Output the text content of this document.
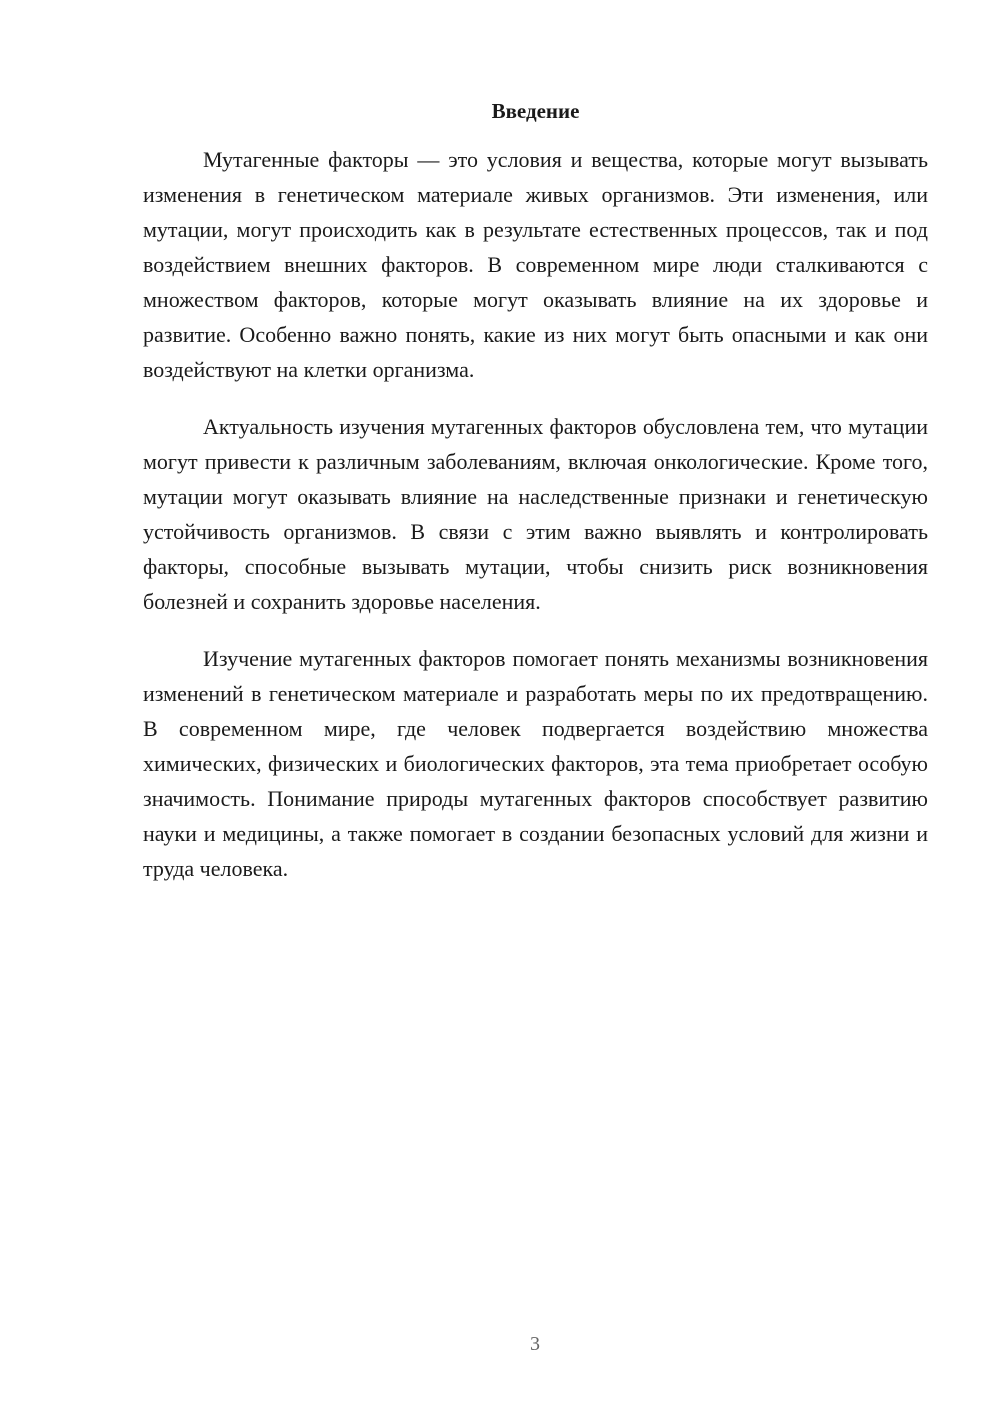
Введение

Мутагенные факторы — это условия и вещества, которые могут вызывать изменения в генетическом материале живых организмов. Эти изменения, или мутации, могут происходить как в результате естественных процессов, так и под воздействием внешних факторов. В современном мире люди сталкиваются с множеством факторов, которые могут оказывать влияние на их здоровье и развитие. Особенно важно понять, какие из них могут быть опасными и как они воздействуют на клетки организма.

Актуальность изучения мутагенных факторов обусловлена тем, что мутации могут привести к различным заболеваниям, включая онкологические. Кроме того, мутации могут оказывать влияние на наследственные признаки и генетическую устойчивость организмов. В связи с этим важно выявлять и контролировать факторы, способные вызывать мутации, чтобы снизить риск возникновения болезней и сохранить здоровье населения.

Изучение мутагенных факторов помогает понять механизмы возникновения изменений в генетическом материале и разработать меры по их предотвращению. В современном мире, где человек подвергается воздействию множества химических, физических и биологических факторов, эта тема приобретает особую значимость. Понимание природы мутагенных факторов способствует развитию науки и медицины, а также помогает в создании безопасных условий для жизни и труда человека.

3
